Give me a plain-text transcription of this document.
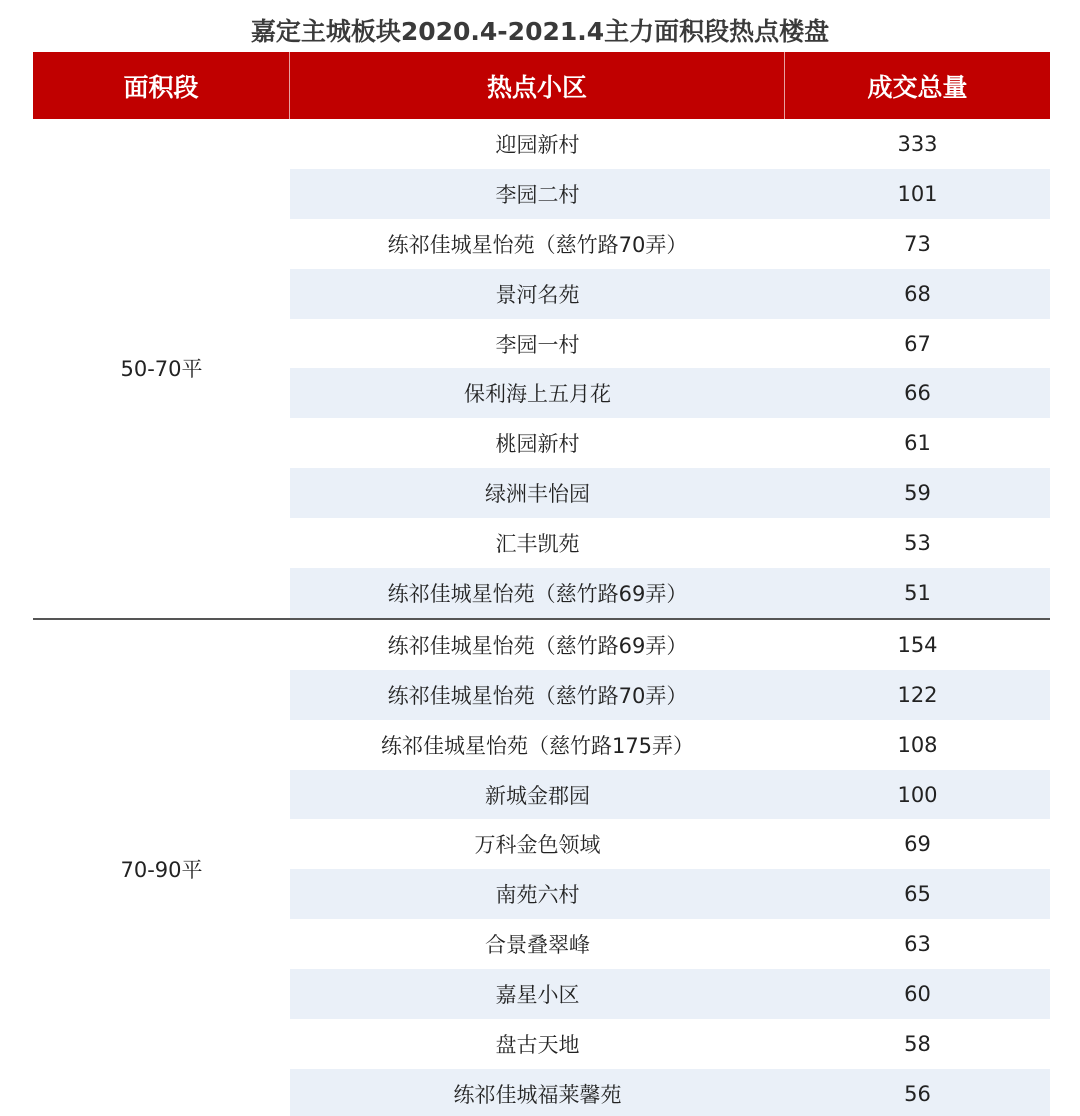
嘉定主城板块2020.4-2021.4主力面积段热点楼盘
面积段	热点小区	成交总量
50-70平
迎园新村	333
李园二村	101
练祁佳城星怡苑（慈竹路70弄）	73
景河名苑	68
李园一村	67
保利海上五月花	66
桃园新村	61
绿洲丰怡园	59
汇丰凯苑	53
练祁佳城星怡苑（慈竹路69弄）	51
70-90平
练祁佳城星怡苑（慈竹路69弄）	154
练祁佳城星怡苑（慈竹路70弄）	122
练祁佳城星怡苑（慈竹路175弄）	108
新城金郡园	100
万科金色领域	69
南苑六村	65
合景叠翠峰	63
嘉星小区	60
盘古天地	58
练祁佳城福莱馨苑	56
